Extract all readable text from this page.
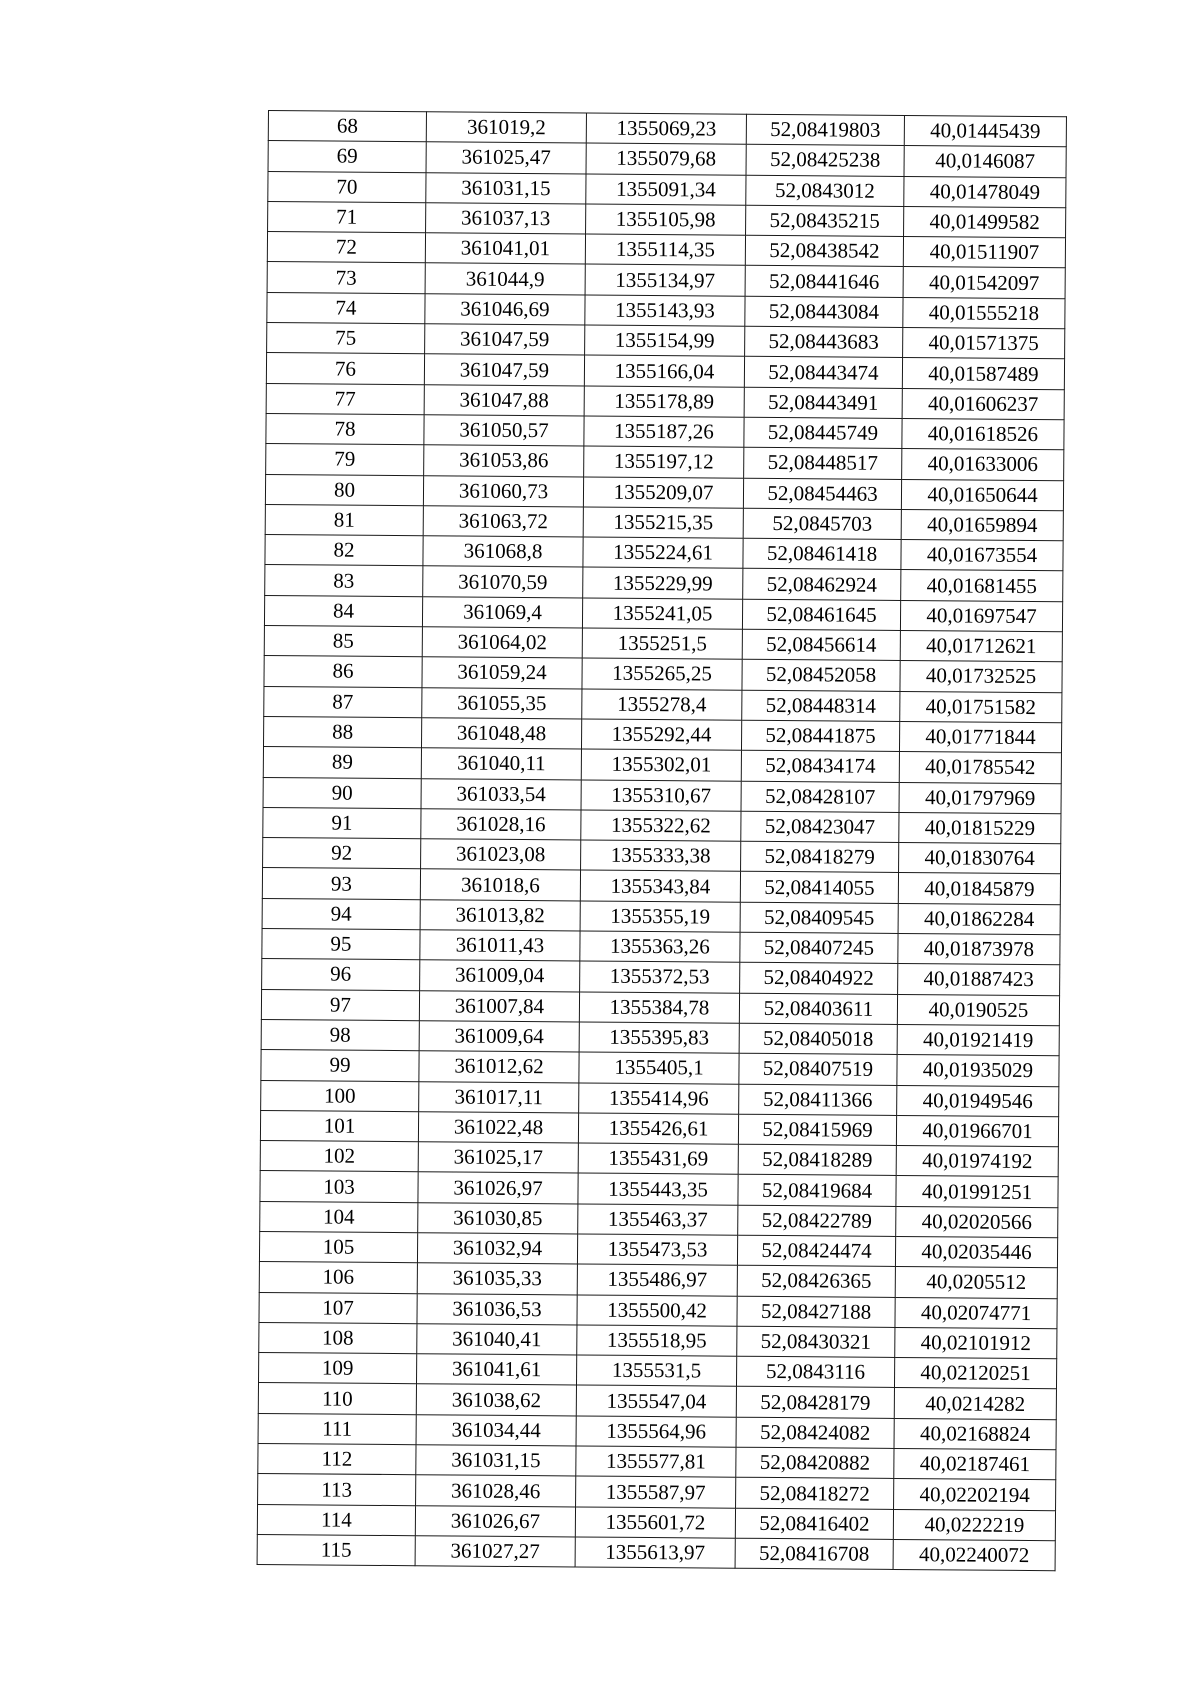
68	361019,2	1355069,23	52,08419803	40,01445439
69	361025,47	1355079,68	52,08425238	40,0146087
70	361031,15	1355091,34	52,0843012	40,01478049
71	361037,13	1355105,98	52,08435215	40,01499582
72	361041,01	1355114,35	52,08438542	40,01511907
73	361044,9	1355134,97	52,08441646	40,01542097
74	361046,69	1355143,93	52,08443084	40,01555218
75	361047,59	1355154,99	52,08443683	40,01571375
76	361047,59	1355166,04	52,08443474	40,01587489
77	361047,88	1355178,89	52,08443491	40,01606237
78	361050,57	1355187,26	52,08445749	40,01618526
79	361053,86	1355197,12	52,08448517	40,01633006
80	361060,73	1355209,07	52,08454463	40,01650644
81	361063,72	1355215,35	52,0845703	40,01659894
82	361068,8	1355224,61	52,08461418	40,01673554
83	361070,59	1355229,99	52,08462924	40,01681455
84	361069,4	1355241,05	52,08461645	40,01697547
85	361064,02	1355251,5	52,08456614	40,01712621
86	361059,24	1355265,25	52,08452058	40,01732525
87	361055,35	1355278,4	52,08448314	40,01751582
88	361048,48	1355292,44	52,08441875	40,01771844
89	361040,11	1355302,01	52,08434174	40,01785542
90	361033,54	1355310,67	52,08428107	40,01797969
91	361028,16	1355322,62	52,08423047	40,01815229
92	361023,08	1355333,38	52,08418279	40,01830764
93	361018,6	1355343,84	52,08414055	40,01845879
94	361013,82	1355355,19	52,08409545	40,01862284
95	361011,43	1355363,26	52,08407245	40,01873978
96	361009,04	1355372,53	52,08404922	40,01887423
97	361007,84	1355384,78	52,08403611	40,0190525
98	361009,64	1355395,83	52,08405018	40,01921419
99	361012,62	1355405,1	52,08407519	40,01935029
100	361017,11	1355414,96	52,08411366	40,01949546
101	361022,48	1355426,61	52,08415969	40,01966701
102	361025,17	1355431,69	52,08418289	40,01974192
103	361026,97	1355443,35	52,08419684	40,01991251
104	361030,85	1355463,37	52,08422789	40,02020566
105	361032,94	1355473,53	52,08424474	40,02035446
106	361035,33	1355486,97	52,08426365	40,0205512
107	361036,53	1355500,42	52,08427188	40,02074771
108	361040,41	1355518,95	52,08430321	40,02101912
109	361041,61	1355531,5	52,0843116	40,02120251
110	361038,62	1355547,04	52,08428179	40,0214282
111	361034,44	1355564,96	52,08424082	40,02168824
112	361031,15	1355577,81	52,08420882	40,02187461
113	361028,46	1355587,97	52,08418272	40,02202194
114	361026,67	1355601,72	52,08416402	40,0222219
115	361027,27	1355613,97	52,08416708	40,02240072
